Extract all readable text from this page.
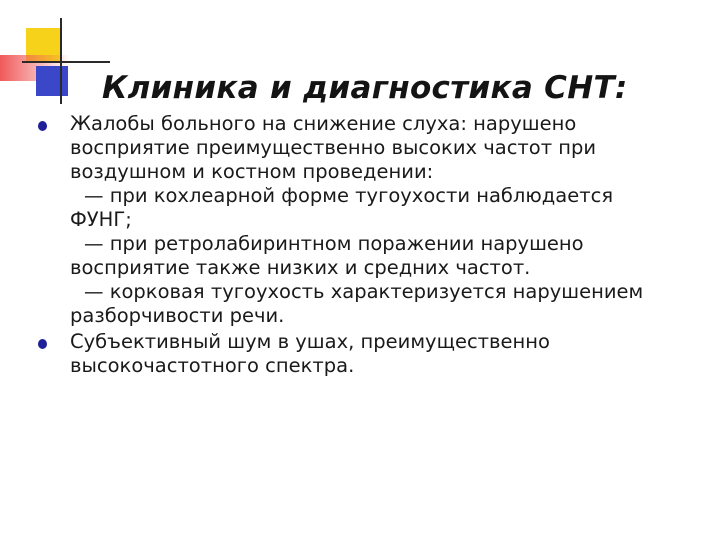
Клиника и диагностика СНТ:
Жалобы больного на снижение слуха: нарушено
восприятие преимущественно высоких частот при
воздушном и костном проведении:
— при кохлеарной форме тугоухости наблюдается
ФУНГ;
— при ретролабиринтном поражении нарушено
восприятие также низких и средних частот.
— корковая тугоухость характеризуется нарушением
разборчивости речи.
Субъективный шум в ушах, преимущественно
высокочастотного спектра.
